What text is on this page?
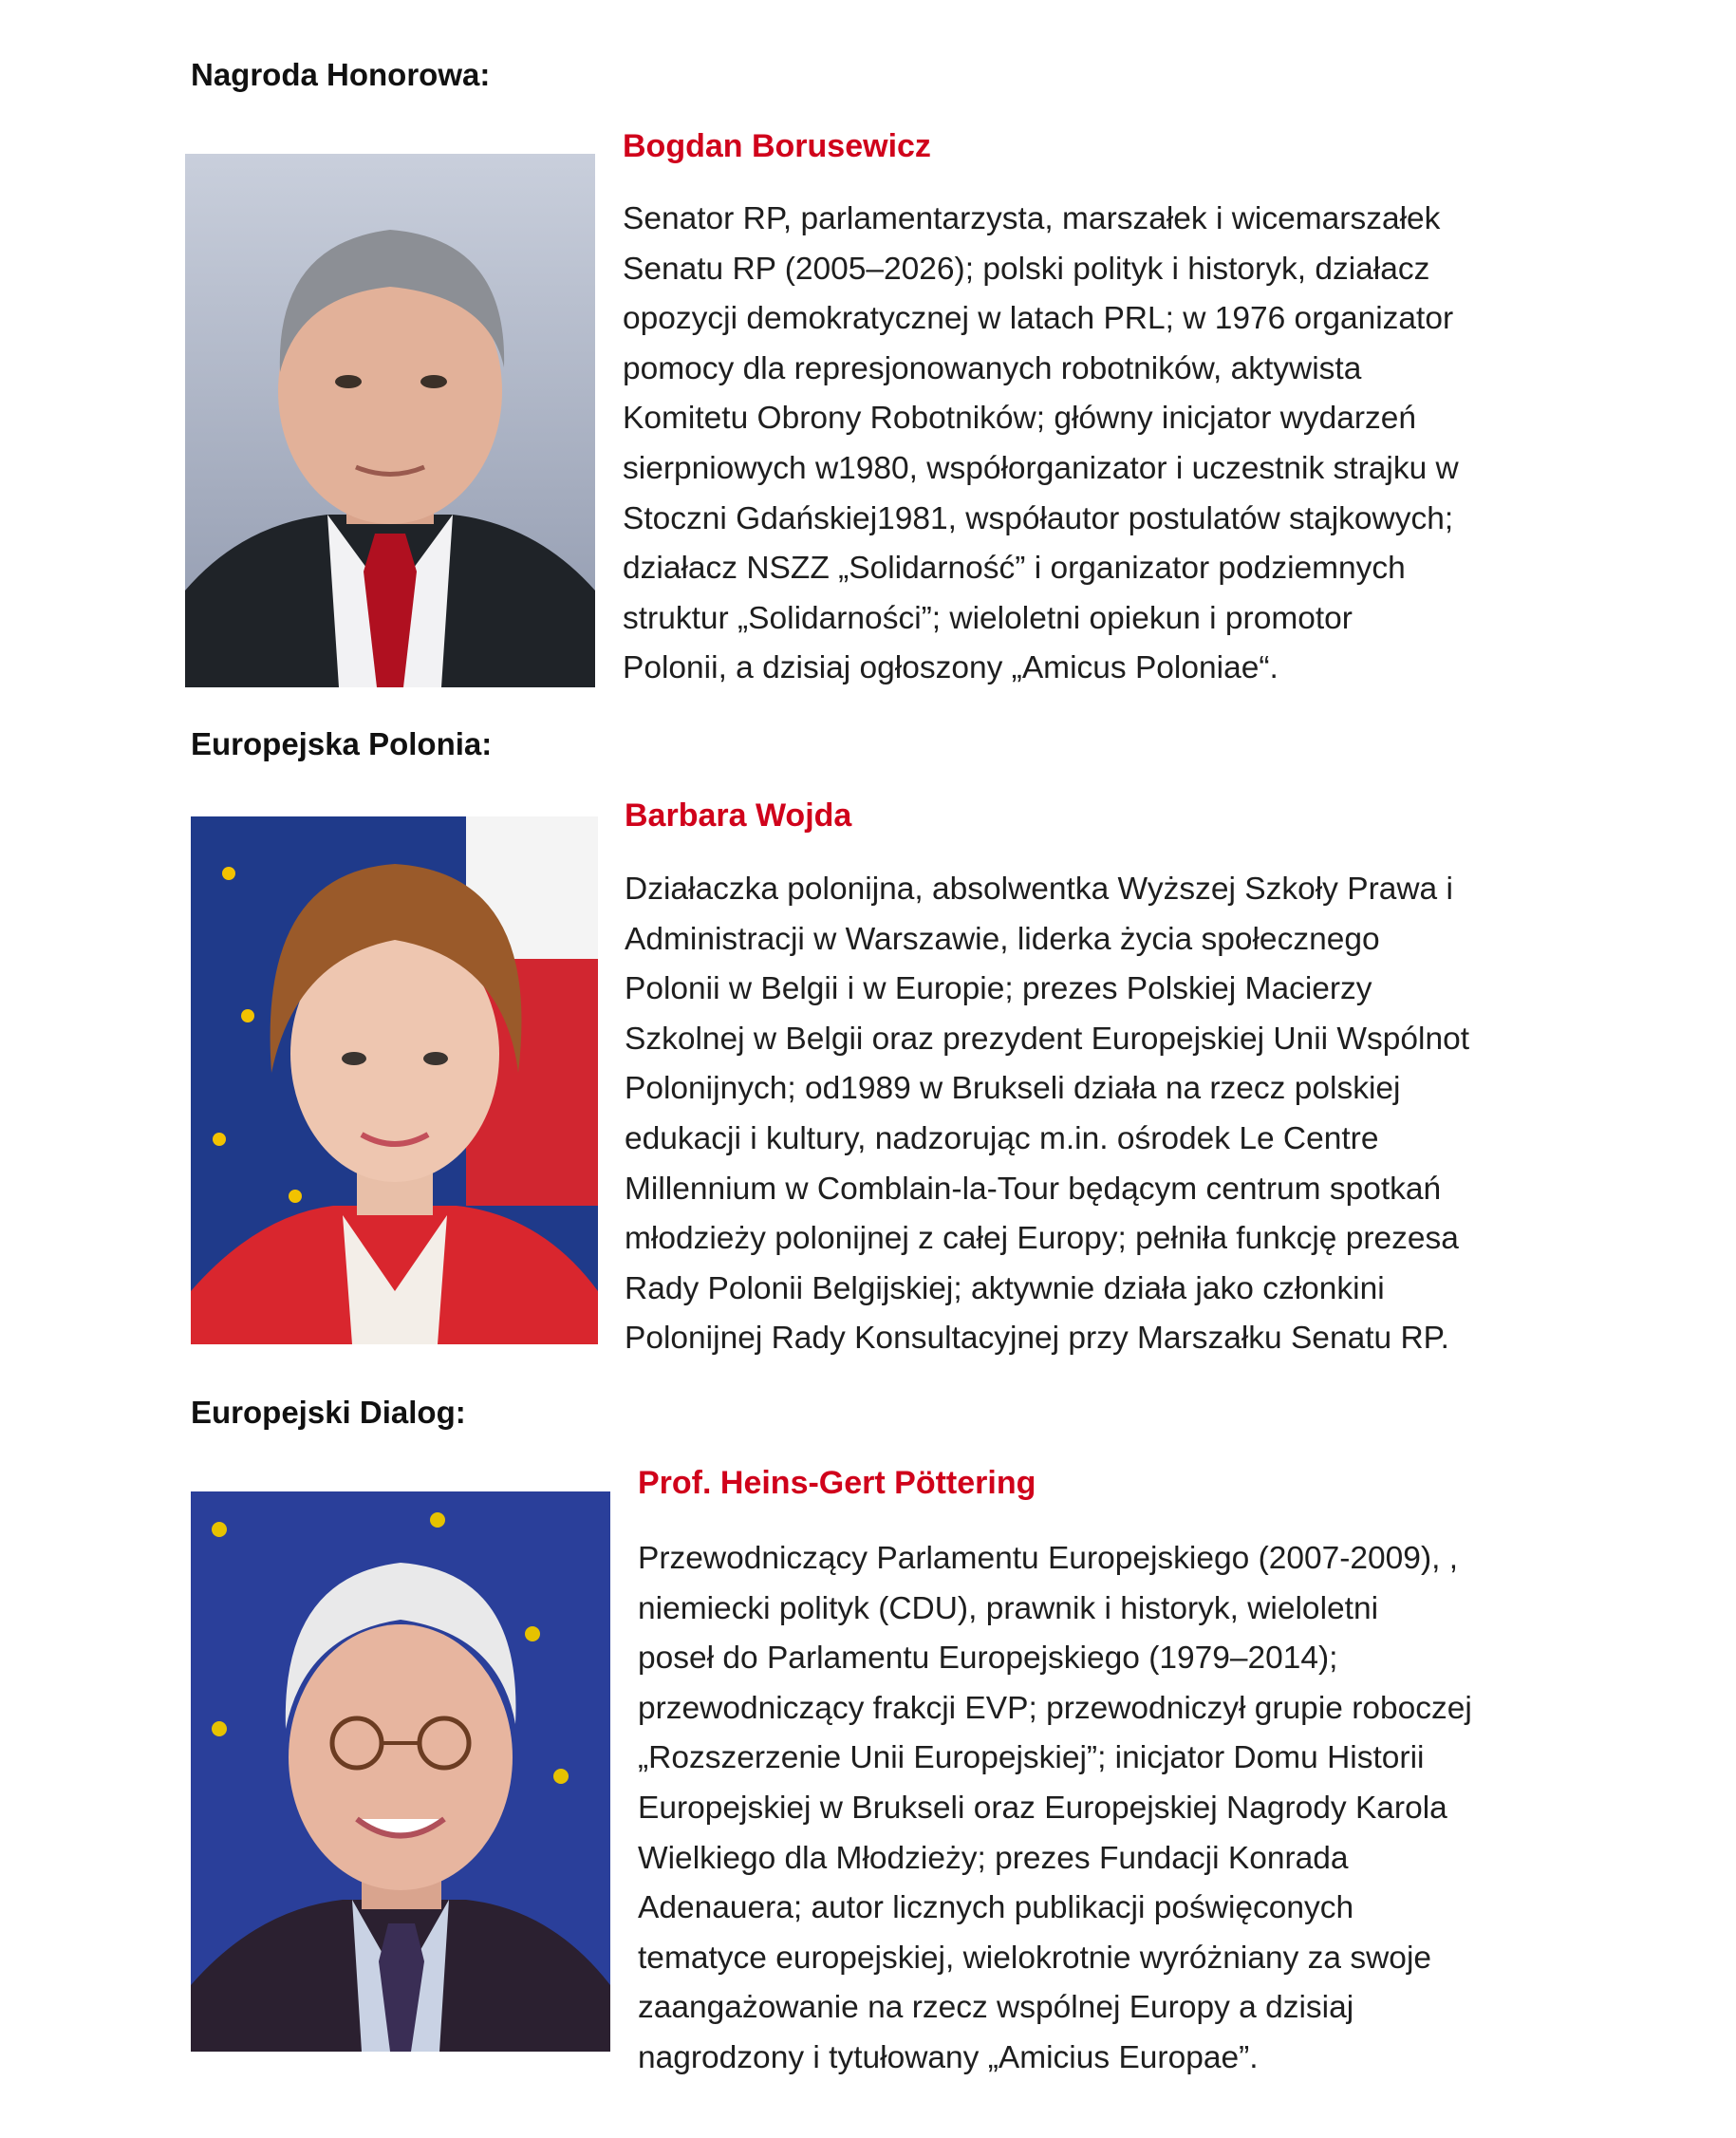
Nagroda Honorowa:
Bogdan Borusewicz
Senator RP, parlamentarzysta, marszałek i wicemarszałek
Senatu RP (2005–2026); polski polityk i historyk, działacz
opozycji demokratycznej w latach PRL; w 1976 organizator
pomocy dla represjonowanych robotników, aktywista
Komitetu Obrony Robotników; główny inicjator wydarzeń
sierpniowych w1980, współorganizator i uczestnik strajku w
Stoczni Gdańskiej1981, współautor postulatów stajkowych;
działacz NSZZ „Solidarność” i organizator podziemnych
struktur „Solidarności”; wieloletni opiekun i promotor
Polonii, a dzisiaj ogłoszony „Amicus Poloniae“.
Europejska Polonia:
Barbara Wojda
Działaczka polonijna, absolwentka Wyższej Szkoły Prawa i
Administracji w Warszawie, liderka życia społecznego
Polonii w Belgii i w Europie; prezes Polskiej Macierzy
Szkolnej w Belgii oraz prezydent Europejskiej Unii Wspólnot
Polonijnych; od1989 w Brukseli działa na rzecz polskiej
edukacji i kultury, nadzorując m.in. ośrodek Le Centre
Millennium w Comblain-la-Tour będącym centrum spotkań
młodzieży polonijnej z całej Europy; pełniła funkcję prezesa
Rady Polonii Belgijskiej; aktywnie działa jako członkini
Polonijnej Rady Konsultacyjnej przy Marszałku Senatu RP.
Europejski Dialog:
Prof. Heins-Gert Pöttering
Przewodniczący Parlamentu Europejskiego (2007-2009), ,
niemiecki polityk (CDU), prawnik i historyk, wieloletni
poseł do Parlamentu Europejskiego (1979–2014);
przewodniczący frakcji EVP; przewodniczył grupie roboczej
„Rozszerzenie Unii Europejskiej”; inicjator Domu Historii
Europejskiej w Brukseli oraz Europejskiej Nagrody Karola
Wielkiego dla Młodzieży; prezes Fundacji Konrada
Adenauera; autor licznych publikacji poświęconych
tematyce europejskiej, wielokrotnie wyróżniany za swoje
zaangażowanie na rzecz wspólnej Europy a dzisiaj
nagrodzony i tytułowany „Amicius Europae”.
